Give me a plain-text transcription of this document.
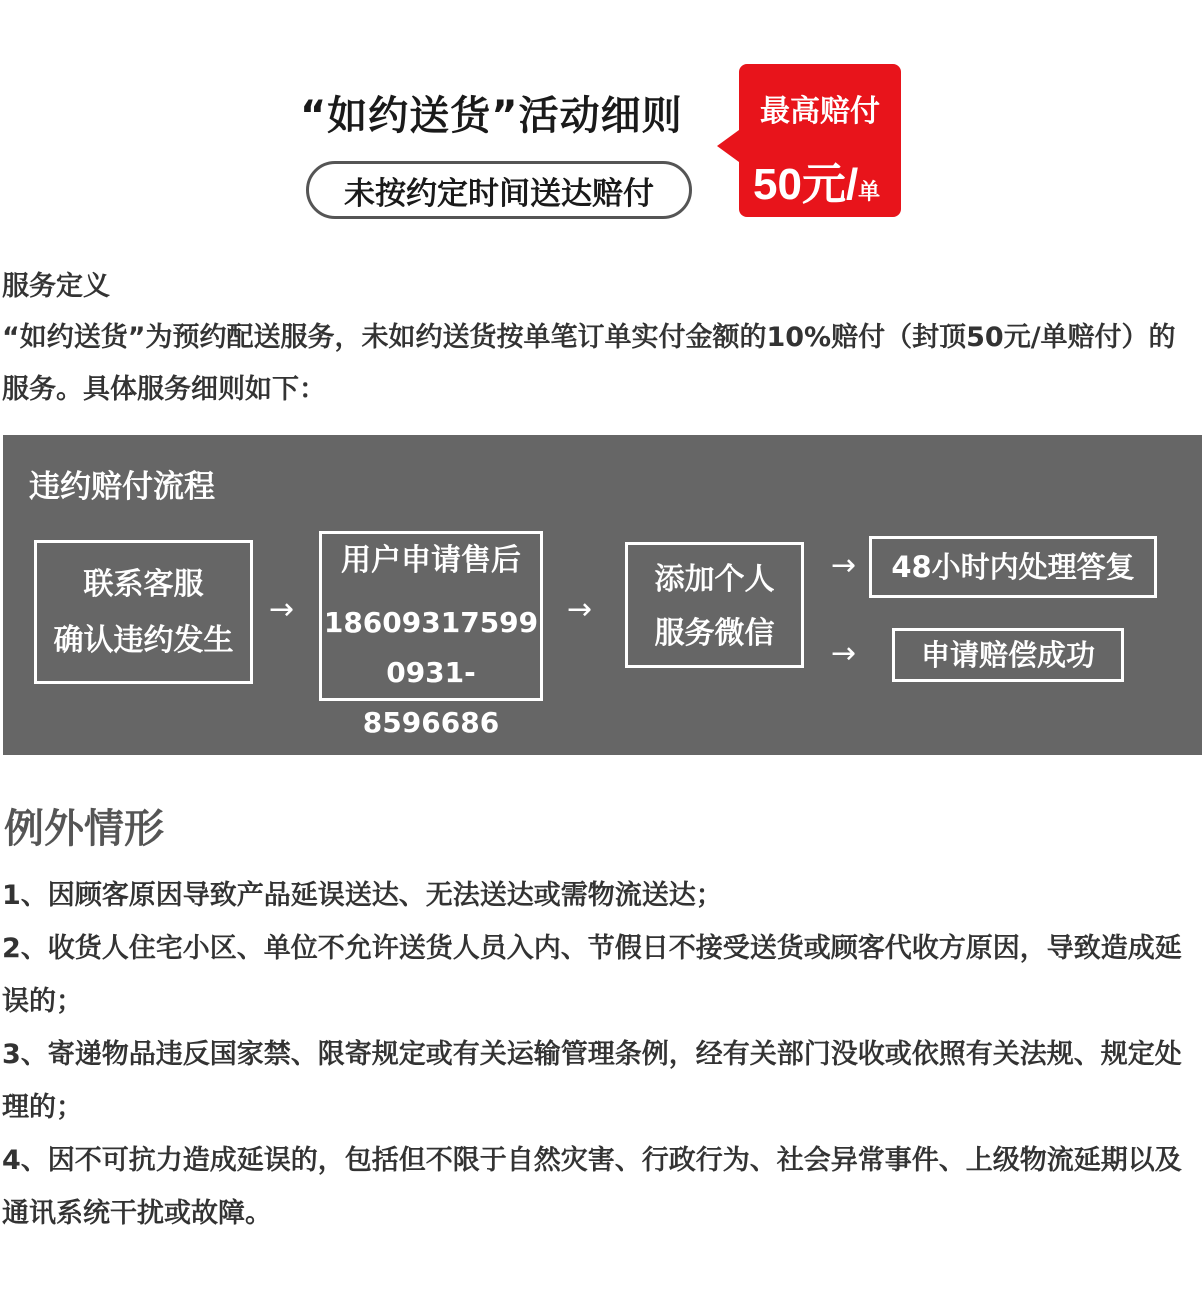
“如约送货”活动细则
未按约定时间送达赔付
最高赔付
50元/单
服务定义

“如约送货”为预约配送服务，未如约送货按单笔订单实付金额的10%赔付（封顶50元/单赔付）的服务。具体服务细则如下：

违约赔付流程
联系客服
确认违约发生
→
用户申请售后
18609317599
0931-8596686
→
添加个人
服务微信
→	48小时内处理答复
→	申请赔偿成功
例外情形
1、因顾客原因导致产品延误送达、无法送达或需物流送达；
2、收货人住宅小区、单位不允许送货人员入内、节假日不接受送货或顾客代收方原因，导致造成延误的；
3、寄递物品违反国家禁、限寄规定或有关运输管理条例，经有关部门没收或依照有关法规、规定处理的；
4、因不可抗力造成延误的，包括但不限于自然灾害、行政行为、社会异常事件、上级物流延期以及通讯系统干扰或故障。
